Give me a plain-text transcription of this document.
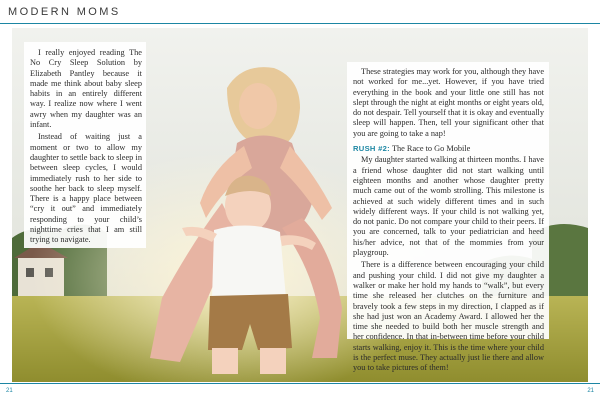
MODERN MOMS

I really enjoyed reading The No Cry Sleep Solution by Elizabeth Pantley because it made me think about baby sleep habits in an entirely different way. I realize now where I went awry when my daughter was an infant.

Instead of waiting just a moment or two to allow my daughter to settle back to sleep in between sleep cycles, I would immediately rush to her side to soothe her back to sleep myself. There is a happy place between “cry it out” and immediately responding to your child’s nighttime cries that I am still trying to navigate.

These strategies may work for you, although they have not worked for me...yet. However, if you have tried everything in the book and your little one still has not slept through the night at eight months or eight years old, do not despair. Tell yourself that it is okay and eventually sleep will happen. Then, tell your significant other that you are going to take a nap!

RUSH #2: The Race to Go Mobile

My daughter started walking at thirteen months. I have a friend whose daughter did not start walking until eighteen months and another whose daughter pretty much came out of the womb strolling. This milestone is achieved at such widely different times and in such widely different ways. If your child is not walking yet, do not panic. Do not compare your child to their peers. If you are concerned, talk to your pediatrician and heed his/her advice, not that of the mommies from your playgroup.

There is a difference between encouraging your child and pushing your child. I did not give my daughter a walker or make her hold my hands to “walk”, but every time she released her clutches on the furniture and bravely took a few steps in my direction, I clapped as if she had just won an Academy Award. I allowed her the time she needed to build both her muscle strength and her confidence. In that in-between time before your child starts walking, enjoy it. This is the time where your child is the perfect muse. They actually just lie there and allow you to take pictures of them!

21	21
